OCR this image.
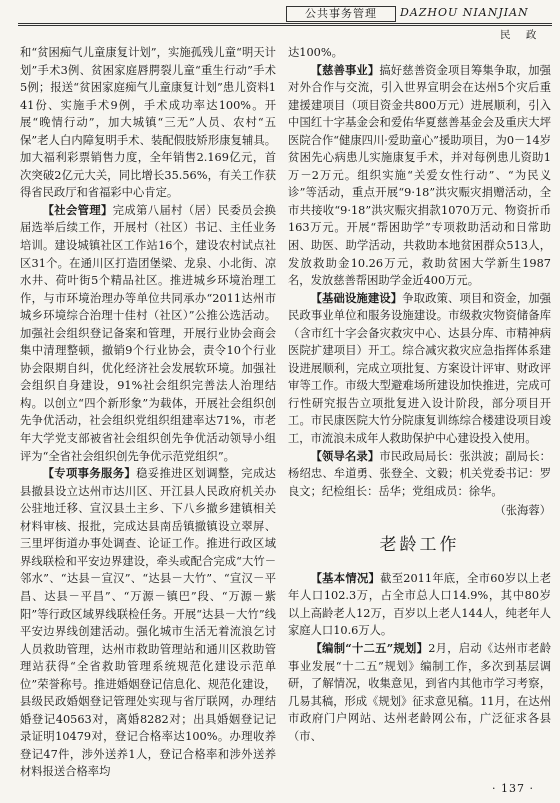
公共事务管理	DAZHOU NIANJIAN
民 政

和“贫困痴气儿童康复计划”，实施孤残儿童“明天计划”手术3例、贫困家庭唇腭裂儿童“重生行动”手术5例；报送“贫困家庭痴气儿童康复计划”患儿资料141份、实施手术9例，手术成功率达100%。开展“晚情行动”，加大城镇“三无”人员、农村“五保”老人白内障复明手术、装配假肢矫形康复辅具。加大福利彩票销售力度，全年销售2.169亿元，首次突破2亿元大关，同比增长35.56%，有关工作获得省民政厅和省福彩中心肯定。

【社会管理】完成第八届村（居）民委员会换届选举后续工作，开展村（社区）书记、主任业务培训。建设城镇社区工作站16个，建设农村试点社区31个。在通川区打造团堡梁、龙泉、小北街、凉水井、荷叶街5个精品社区。推进城乡环境治理工作，与市环境治理办等单位共同承办“2011达州市城乡环境综合治理十佳村（社区）”公推公选活动。加强社会组织登记备案和管理，开展行业协会商会集中清理整顿，撤销9个行业协会，责令10个行业协会限期自纠，优化经济社会发展软环境。加强社会组织自身建设，91%社会组织完善法人治理结构。以创立“四个新形象”为载体，开展社会组织创先争优活动，社会组织党组织组建率达71%，市老年大学党支部被省社会组织创先争优活动领导小组评为“全省社会组织创先争优示范党组织”。

【专项事务服务】稳妥推进区划调整，完成达县撤县设立达州市达川区、开江县人民政府机关办公驻地迁移、宣汉县土主乡、下八乡撤乡建镇相关材料审核、报批，完成达县南岳镇撤镇设立翠屏、三里坪街道办事处调查、论证工作。推进行政区域界线联检和平安边界建设，牵头或配合完成“大竹－邻水”、“达县－宣汉”、“达县－大竹”、“宣汉－平昌、达县－平昌”、“万源－镇巴”段、“万源－紫阳”等行政区域界线联检任务。开展“达县－大竹”线平安边界线创建活动。强化城市生活无着流浪乞讨人员救助管理，达州市救助管理站和通川区救助管理站获得“全省救助管理系统规范化建设示范单位”荣誉称号。推进婚姻登记信息化、规范化建设，县级民政婚姻登记管理处实现与省厅联网，办理结婚登记40563对，离婚8282对；出具婚姻登记记录证明10479对，登记合格率达100%。办理收养登记47件，涉外送养1人，登记合格率和涉外送养材料报送合格率均

达100%。

【慈善事业】搞好慈善资金项目筹集争取，加强对外合作与交流，引入世界宣明会在达州5个灾后重建援建项目（项目资金共800万元）进展顺利，引入中国红十字基金会和爱佑华夏慈善基金会及重庆大坪医院合作“健康四川·爱助童心”援助项目，为0－14岁贫困先心病患儿实施康复手术，并对每例患儿资助1万－2万元。组织实施“关爱女性行动”、“为民义诊”等活动，重点开展“9·18”洪灾赈灾捐赠活动，全市共接收“9·18”洪灾赈灾捐款1070万元、物资折币163万元。开展“帮困助学”专项救助活动和日常助困、助医、助学活动，共救助本地贫困群众513人，发放救助金10.26万元，救助贫困大学新生1987名，发放慈善帮困助学金近400万元。

【基础设施建设】争取政策、项目和资金，加强民政事业单位和服务设施建设。市级救灾物资储备库（含市红十字会备灾救灾中心、达县分库、市精神病医院扩建项目）开工。综合减灾救灾应急指挥体系建设进展顺利，完成立项批复、方案设计评审、财政评审等工作。市级大型避难场所建设加快推进，完成可行性研究报告立项批复进入设计阶段，部分项目开工。市民康医院大竹分院康复训练综合楼建设项目竣工，市流浪未成年人救助保护中心建设投入使用。

【领导名录】市民政局局长：张洪波；副局长：杨绍忠、牟道勇、张登全、文毅；机关党委书记：罗良文；纪检组长：岳华；党组成员：徐华。

（张海蓉）
老龄工作

【基本情况】截至2011年底，全市60岁以上老年人口102.3万，占全市总人口14.9%，其中80岁以上高龄老人12万，百岁以上老人144人，纯老年人家庭人口10.6万人。

【编制“十二五”规划】2月，启动《达州市老龄事业发展“十二五”规划》编制工作，多次到基层调研，了解情况，收集意见，到省内其他市学习考察，几易其稿，形成《规划》征求意见稿。11月，在达州市政府门户网站、达州老龄网公布，广泛征求各县（市、

· 137 ·
